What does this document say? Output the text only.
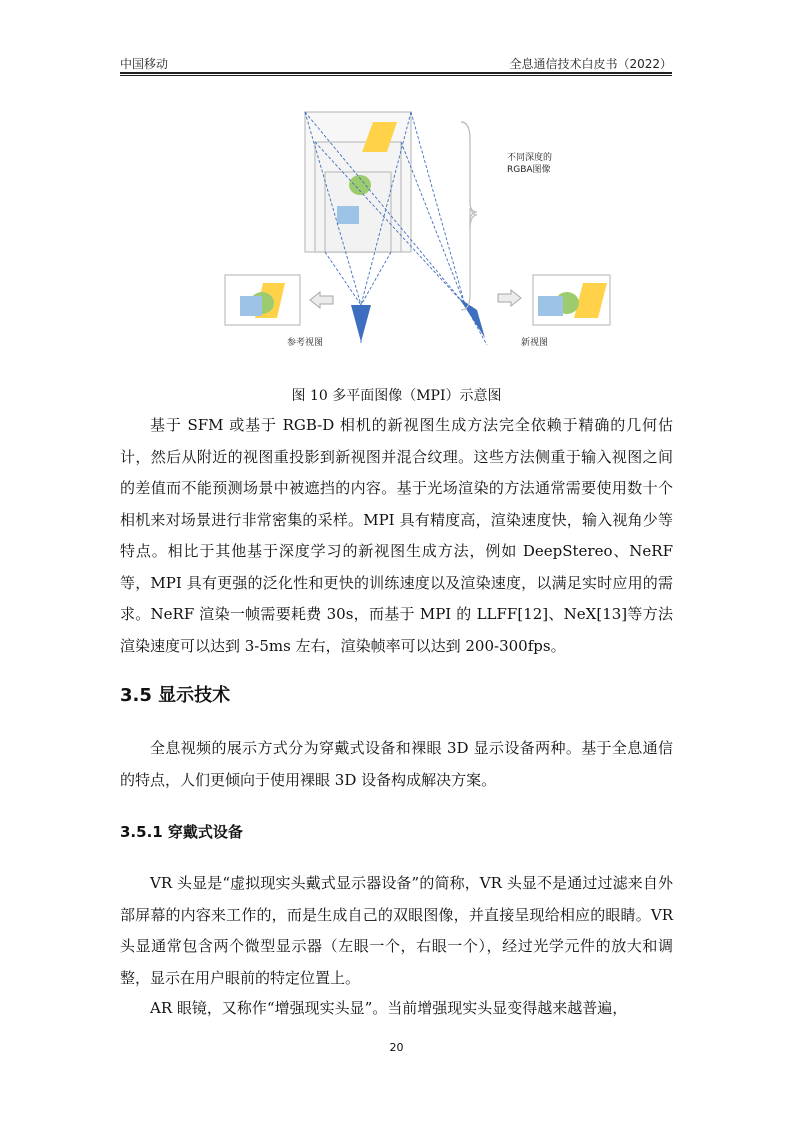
中国移动	全息通信技术白皮书（2022）
不同深度的
RGBA图像
参考视图	新视图
图 10 多平面图像（MPI）示意图

基于 SFM 或基于 RGB-D 相机的新视图生成方法完全依赖于精确的几何估计，然后从附近的视图重投影到新视图并混合纹理。这些方法侧重于输入视图之间的差值而不能预测场景中被遮挡的内容。基于光场渲染的方法通常需要使用数十个相机来对场景进行非常密集的采样。MPI 具有精度高，渲染速度快，输入视角少等特点。相比于其他基于深度学习的新视图生成方法，例如 DeepStereo、NeRF 等，MPI 具有更强的泛化性和更快的训练速度以及渲染速度，以满足实时应用的需求。NeRF 渲染一帧需要耗费 30s，而基于 MPI 的 LLFF[12]、NeX[13]等方法渲染速度可以达到 3-5ms 左右，渲染帧率可以达到 200-300fps。

3.5 显示技术

全息视频的展示方式分为穿戴式设备和裸眼 3D 显示设备两种。基于全息通信的特点，人们更倾向于使用裸眼 3D 设备构成解决方案。

3.5.1 穿戴式设备

VR 头显是“虚拟现实头戴式显示器设备”的简称，VR 头显不是通过过滤来自外部屏幕的内容来工作的，而是生成自己的双眼图像，并直接呈现给相应的眼睛。VR 头显通常包含两个微型显示器（左眼一个，右眼一个），经过光学元件的放大和调整，显示在用户眼前的特定位置上。

AR 眼镜，又称作“增强现实头显”。当前增强现实头显变得越来越普遍，

20
